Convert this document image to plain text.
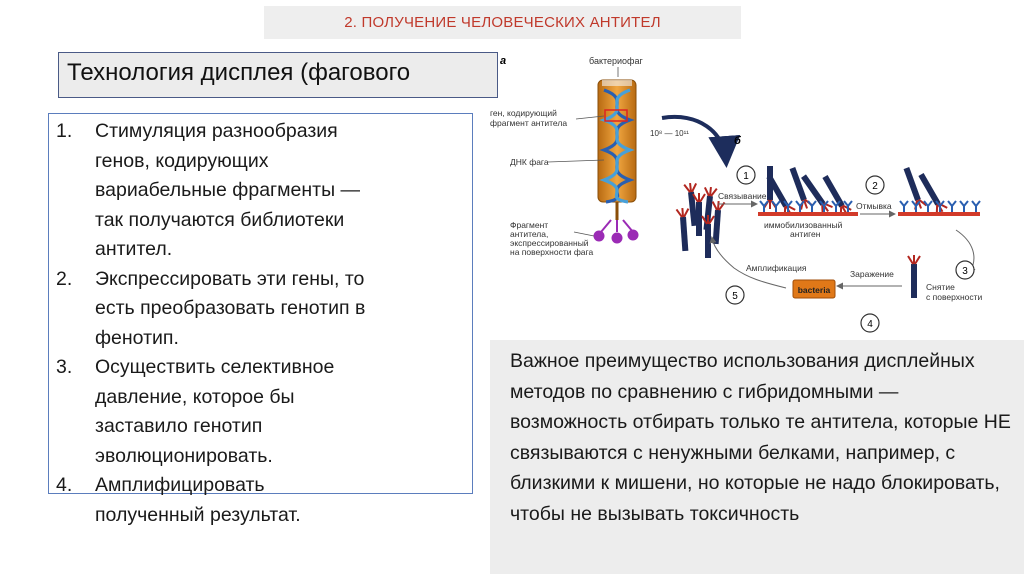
2. ПОЛУЧЕНИЕ ЧЕЛОВЕЧЕСКИХ АНТИТЕЛ
Технология дисплея (фагового
1.	Стимуляция разнообразия
генов, кодирующих
вариабельные фрагменты —
так получаются библиотеки
антител.
2.	Экспрессировать эти гены, то
есть преобразовать генотип в
фенотип.
3.	Осуществить селективное
давление, которое бы
заставило генотип
эволюционировать.
4.	Амплифицировать
полученный результат.
а	бактериофаг
ген, кодирующий
фрагмент антитела
ДНК фага
Фрагмент
антитела,
экспрессированный
на поверхности фага
10⁸ — 10¹¹
б
1
Связывание
иммобилизованный
антиген
2
Отмывка
3
Снятие
с поверхности
Заражение
bacteria
4
Амплификация
5

Важное преимущество использования дисплейных методов по сравнению с гибридомными — возможность отбирать только те антитела, которые НЕ связываются с ненужными белками, например, с близкими к мишени, но которые не надо блокировать, чтобы не вызывать токсичность
